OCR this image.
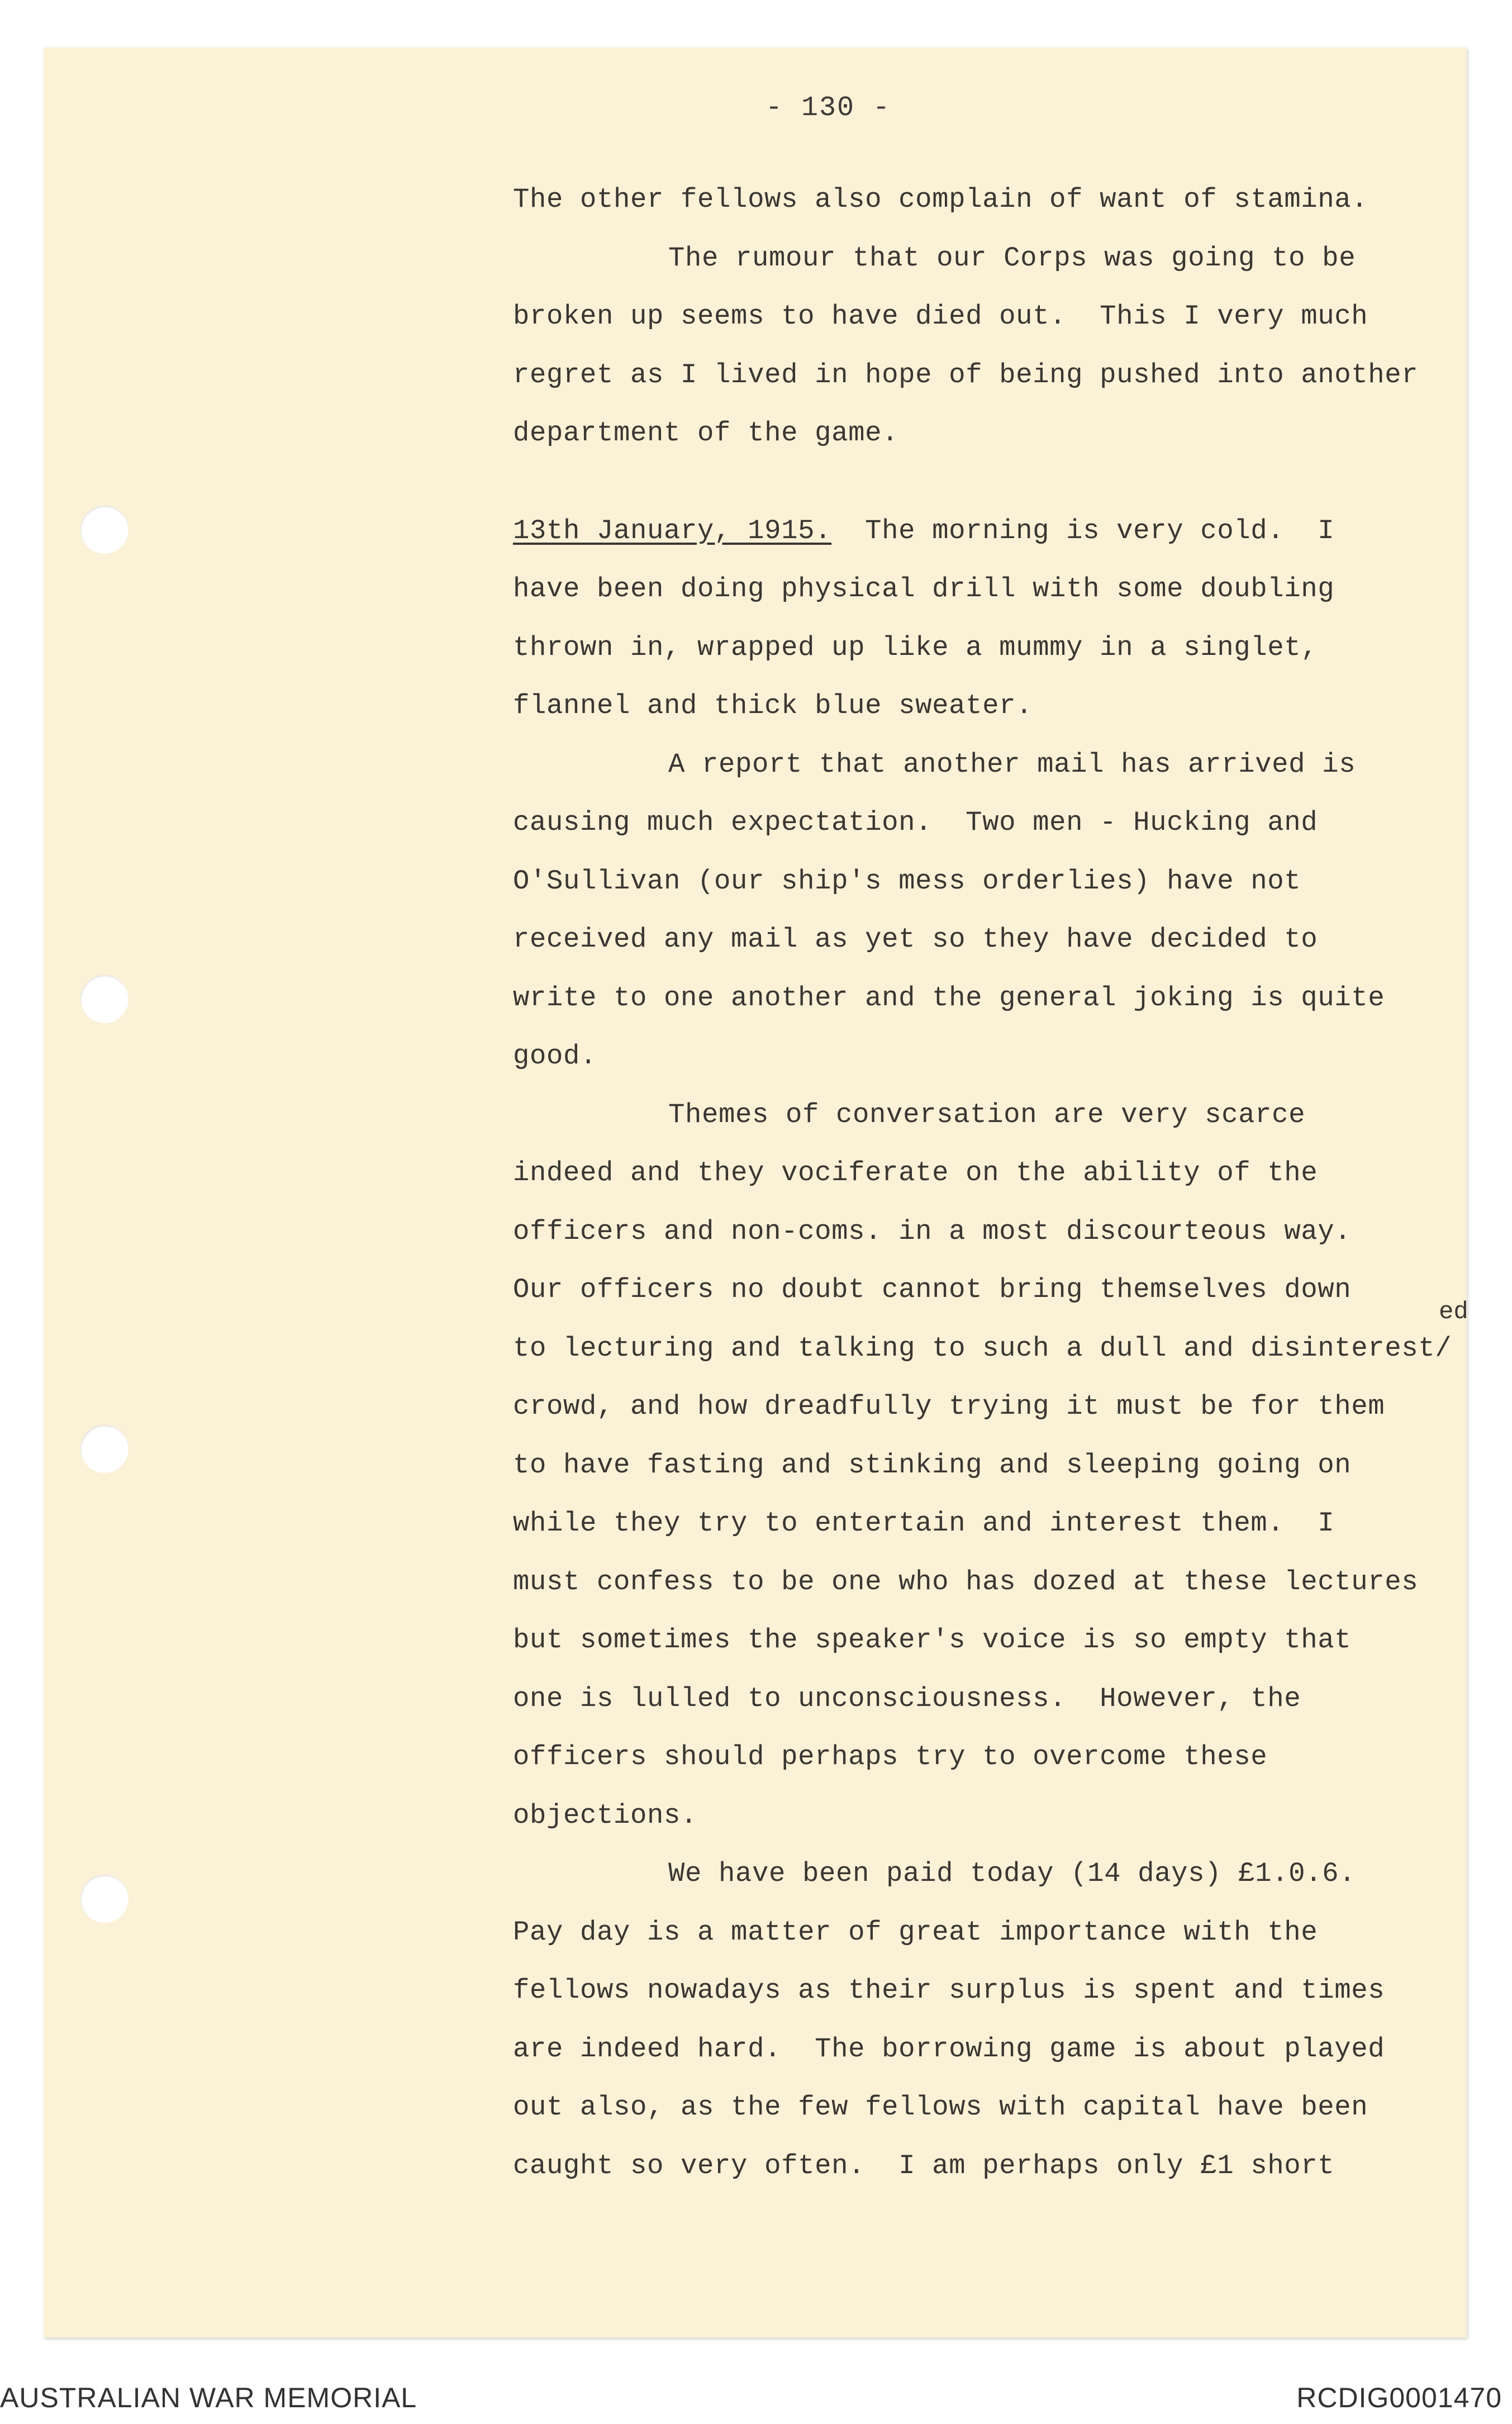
- 130 -
The other fellows also complain of want of stamina.
The rumour that our Corps was going to be
broken up seems to have died out.  This I very much
regret as I lived in hope of being pushed into another
department of the game.
13th January, 1915.  The morning is very cold.  I
have been doing physical drill with some doubling
thrown in, wrapped up like a mummy in a singlet,
flannel and thick blue sweater.
A report that another mail has arrived is
causing much expectation.  Two men - Hucking and
O'Sullivan (our ship's mess orderlies) have not
received any mail as yet so they have decided to
write to one another and the general joking is quite
good.
Themes of conversation are very scarce
indeed and they vociferate on the ability of the
officers and non-coms. in a most discourteous way.
Our officers no doubt cannot bring themselves down
to lecturing and talking to such a dull and disinterest/
crowd, and how dreadfully trying it must be for them
to have fasting and stinking and sleeping going on
while they try to entertain and interest them.  I
must confess to be one who has dozed at these lectures
but sometimes the speaker's voice is so empty that
one is lulled to unconsciousness.  However, the
officers should perhaps try to overcome these
objections.
We have been paid today (14 days) £1.0.6.
Pay day is a matter of great importance with the
fellows nowadays as their surplus is spent and times
are indeed hard.  The borrowing game is about played
out also, as the few fellows with capital have been
caught so very often.  I am perhaps only £1 short
ed
AUSTRALIAN WAR MEMORIAL	RCDIG0001470
